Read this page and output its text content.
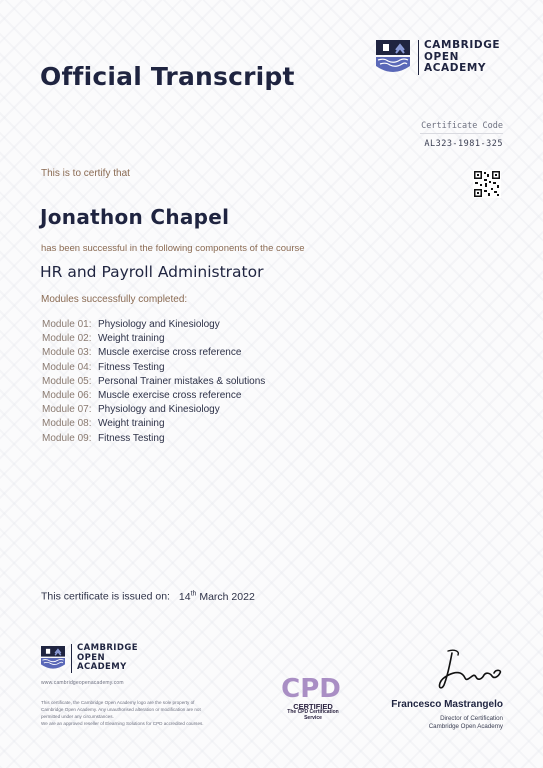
Official Transcript
CAMBRIDGE
OPEN
ACADEMY
Certificate Code
AL323-1981-325
This is to certify that
Jonathon Chapel
has been successful in the following components of the course
HR and Payroll Administrator
Modules successfully completed:
Module 01: Physiology and Kinesiology
Module 02: Weight training
Module 03: Muscle exercise cross reference
Module 04: Fitness Testing
Module 05: Personal Trainer mistakes & solutions
Module 06: Muscle exercise cross reference
Module 07: Physiology and Kinesiology
Module 08: Weight training
Module 09: Fitness Testing
This certificate is issued on: 14th March 2022
CAMBRIDGE
OPEN
ACADEMY
www.cambridgeopenacademy.com

This certificate, the Cambridge Open Academy logo are the sole property of

Cambridge Open Academy. Any unauthorised alteration or modification are not

permitted under any circumstances.

We are an approved reseller of Elearning Solutions for CPD accredited courses.

CPD
CERTIFIED
The CPD Certification Service
Francesco Mastrangelo
Director of Certification
Cambridge Open Academy
